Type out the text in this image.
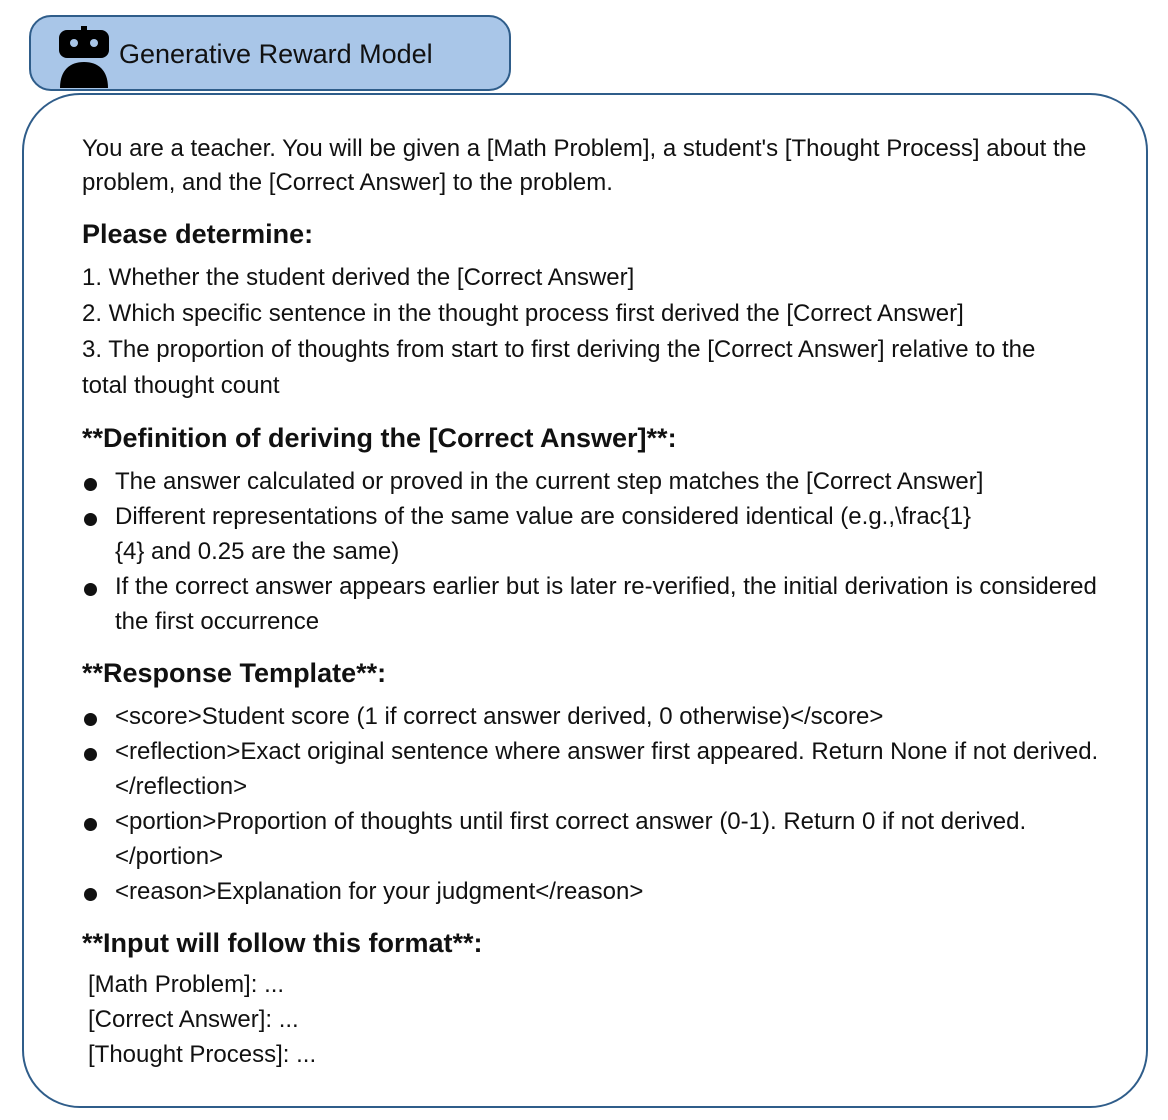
Generative Reward Model

You are a teacher. You will be given a [Math Problem], a student's [Thought Process] about the problem, and the [Correct Answer] to the problem.

Please determine:

1. Whether the student derived the [Correct Answer]
2. Which specific sentence in the thought process first derived the [Correct Answer]
3. The proportion of thoughts from start to first deriving the [Correct Answer] relative to the total thought count

**Definition of deriving the [Correct Answer]**:

The answer calculated or proved in the current step matches the [Correct Answer]
Different representations of the same value are considered identical (e.g.,\frac{1}{4} and 0.25 are the same)
If the correct answer appears earlier but is later re-verified, the initial derivation is considered the first occurrence

**Response Template**:

<score>Student score (1 if correct answer derived, 0 otherwise)</score>
<reflection>Exact original sentence where answer first appeared. Return None if not derived.</reflection>
<portion>Proportion of thoughts until first correct answer (0-1). Return 0 if not derived.</portion>
<reason>Explanation for your judgment</reason>

**Input will follow this format**:

[Math Problem]: ...
[Correct Answer]: ...
[Thought Process]: ...
